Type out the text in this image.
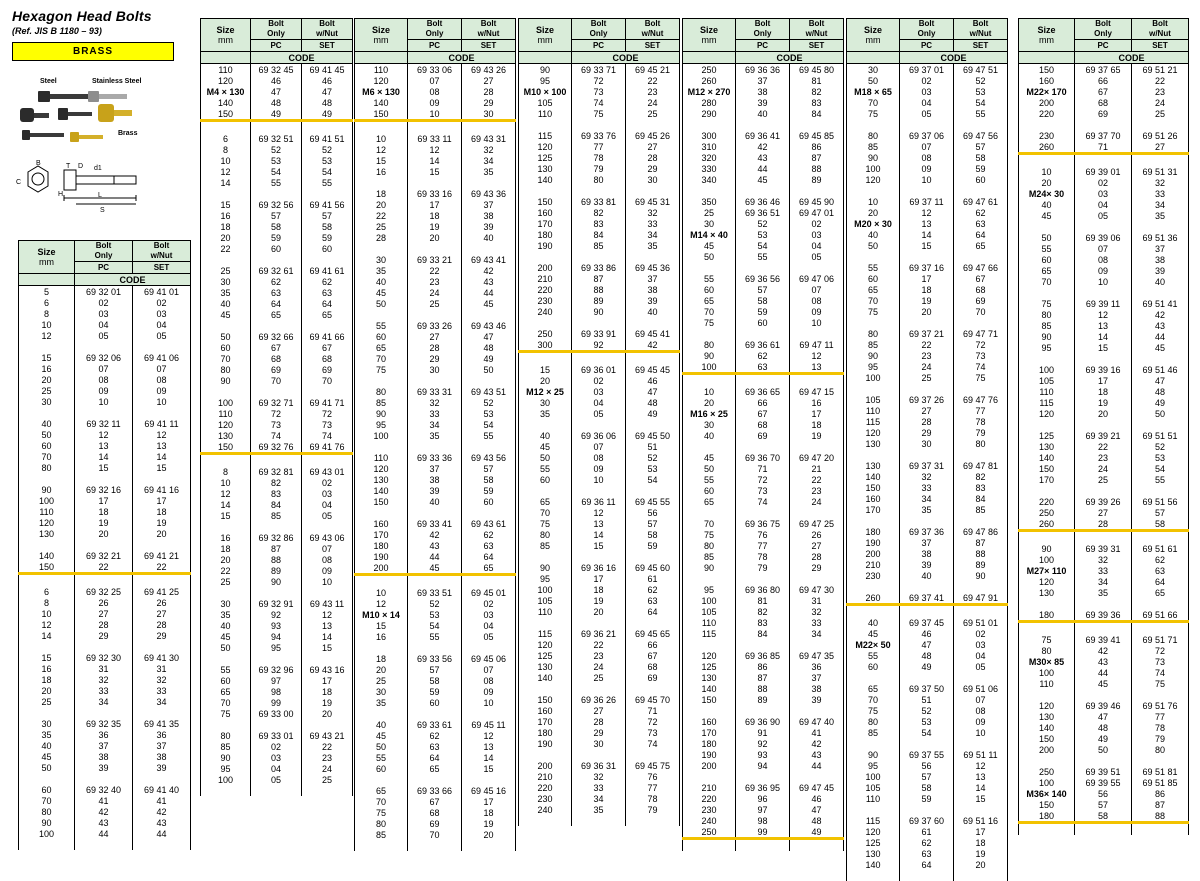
Hexagon Head Bolts
(Ref. JIS B 1180 – 93)
BRASS
Steel	Stainless Steel
Brass
C
B	T D d1
H	L
S
Size
mm	Bolt
Only	Bolt
w/Nut
	PC	SET
	CODE	
5	69 32 01	69 41 01
6	02	02
8	03	03
10	04	04
12	05	05

15	69 32 06	69 41 06
16	07	07
20	08	08
25	09	09
30	10	10

40	69 32 11	69 41 11
50	12	12
60	13	13
70	14	14
80	15	15

90	69 32 16	69 41 16
100	17	17
110	18	18
120	19	19
130	20	20

140	69 32 21	69 41 21
150	22	22

6	69 32 25	69 41 25
8	26	26
10	27	27
12	28	28
14	29	29

15	69 32 30	69 41 30
16	31	31
18	32	32
20	33	33
25	34	34

30	69 32 35	69 41 35
35	36	36
40	37	37
45	38	38
50	39	39

60	69 32 40	69 41 40
70	41	41
80	42	42
90	43	43
100	44	44

Size
mm	Bolt
Only	Bolt
w/Nut
	PC	SET
	CODE	
110	69 32 45	69 41 45
120	46	46
M4 × 130	47	47
140	48	48
150	49	49

6	69 32 51	69 41 51
8	52	52
10	53	53
12	54	54
14	55	55

15	69 32 56	69 41 56
16	57	57
18	58	58
20	59	59
22	60	60

25	69 32 61	69 41 61
30	62	62
35	63	63
40	64	64
45	65	65

50	69 32 66	69 41 66
60	67	67
70	68	68
80	69	69
90	70	70

100	69 32 71	69 41 71
110	72	72
120	73	73
130	74	74
150	69 32 76	69 41 76

8	69 32 81	69 43 01
10	82	02
12	83	03
14	84	04
15	85	05

16	69 32 86	69 43 06
18	87	07
20	88	08
22	89	09
25	90	10

30	69 32 91	69 43 11
35	92	12
40	93	13
45	94	14
50	95	15

55	69 32 96	69 43 16
60	97	17
65	98	18
70	99	19
75	69 33 00	20

80	69 33 01	69 43 21
85	02	22
90	03	23
95	04	24
100	05	25

Size
mm	Bolt
Only	Bolt
w/Nut
	PC	SET
	CODE	
110	69 33 06	69 43 26
120	07	27
M6 × 130	08	28
140	09	29
150	10	30

10	69 33 11	69 43 31
12	12	32
15	14	34
16	15	35

18	69 33 16	69 43 36
20	17	37
22	18	38
25	19	39
28	20	40

30	69 33 21	69 43 41
35	22	42
40	23	43
45	24	44
50	25	45

55	69 33 26	69 43 46
60	27	47
65	28	48
70	29	49
75	30	50

80	69 33 31	69 43 51
85	32	52
90	33	53
95	34	54
100	35	55

110	69 33 36	69 43 56
120	37	57
130	38	58
140	39	59
150	40	60

160	69 33 41	69 43 61
170	42	62
180	43	63
190	44	64
200	45	65

10	69 33 51	69 45 01
12	52	02
M10 × 14	53	03
15	54	04
16	55	05

18	69 33 56	69 45 06
20	57	07
25	58	08
30	59	09
35	60	10

40	69 33 61	69 45 11
45	62	12
50	63	13
55	64	14
60	65	15

65	69 33 66	69 45 16
70	67	17
75	68	18
80	69	19
85	70	20

Size
mm	Bolt
Only	Bolt
w/Nut
	PC	SET
	CODE	
90	69 33 71	69 45 21
95	72	22
M10 × 100	73	23
105	74	24
110	75	25

115	69 33 76	69 45 26
120	77	27
125	78	28
130	79	29
140	80	30

150	69 33 81	69 45 31
160	82	32
170	83	33
180	84	34
190	85	35

200	69 33 86	69 45 36
210	87	37
220	88	38
230	89	39
240	90	40

250	69 33 91	69 45 41
300	92	42

15	69 36 01	69 45 45
20	02	46
M12 × 25	03	47
30	04	48
35	05	49

40	69 36 06	69 45 50
45	07	51
50	08	52
55	09	53
60	10	54

65	69 36 11	69 45 55
70	12	56
75	13	57
80	14	58
85	15	59

90	69 36 16	69 45 60
95	17	61
100	18	62
105	19	63
110	20	64

115	69 36 21	69 45 65
120	22	66
125	23	67
130	24	68
140	25	69

150	69 36 26	69 45 70
160	27	71
170	28	72
180	29	73
190	30	74

200	69 36 31	69 45 75
210	32	76
220	33	77
230	34	78
240	35	79

Size
mm	Bolt
Only	Bolt
w/Nut
	PC	SET
	CODE	
250	69 36 36	69 45 80
260	37	81
M12 × 270	38	82
280	39	83
290	40	84

300	69 36 41	69 45 85
310	42	86
320	43	87
330	44	88
340	45	89

350	69 36 46	69 45 90
25	69 36 51	69 47 01
30	52	02
M14 × 40	53	03
45	54	04
50	55	05

55	69 36 56	69 47 06
60	57	07
65	58	08
70	59	09
75	60	10

80	69 36 61	69 47 11
90	62	12
100	63	13

10	69 36 65	69 47 15
20	66	16
M16 × 25	67	17
30	68	18
40	69	19

45	69 36 70	69 47 20
50	71	21
55	72	22
60	73	23
65	74	24

70	69 36 75	69 47 25
75	76	26
80	77	27
85	78	28
90	79	29

95	69 36 80	69 47 30
100	81	31
105	82	32
110	83	33
115	84	34

120	69 36 85	69 47 35
125	86	36
130	87	37
140	88	38
150	89	39

160	69 36 90	69 47 40
170	91	41
180	92	42
190	93	43
200	94	44

210	69 36 95	69 47 45
220	96	46
230	97	47
240	98	48
250	99	49

Size
mm	Bolt
Only	Bolt
w/Nut
	PC	SET
	CODE	
30	69 37 01	69 47 51
50	02	52
M18 × 65	03	53
70	04	54
75	05	55

80	69 37 06	69 47 56
85	07	57
90	08	58
100	09	59
120	10	60

10	69 37 11	69 47 61
20	12	62
M20 × 30	13	63
40	14	64
50	15	65

55	69 37 16	69 47 66
60	17	67
65	18	68
70	19	69
75	20	70

80	69 37 21	69 47 71
85	22	72
90	23	73
95	24	74
100	25	75

105	69 37 26	69 47 76
110	27	77
115	28	78
120	29	79
130	30	80

130	69 37 31	69 47 81
140	32	82
150	33	83
160	34	84
170	35	85

180	69 37 36	69 47 86
190	37	87
200	38	88
210	39	89
230	40	90

260	69 37 41	69 47 91

40	69 37 45	69 51 01
45	46	02
M22× 50	47	03
55	48	04
60	49	05

65	69 37 50	69 51 06
70	51	07
75	52	08
80	53	09
85	54	10

90	69 37 55	69 51 11
95	56	12
100	57	13
105	58	14
110	59	15

115	69 37 60	69 51 16
120	61	17
125	62	18
130	63	19
140	64	20

Size
mm	Bolt
Only	Bolt
w/Nut
	PC	SET
	CODE	
150	69 37 65	69 51 21
160	66	22
M22× 170	67	23
200	68	24
220	69	25

230	69 37 70	69 51 26
260	71	27

10	69 39 01	69 51 31
20	02	32
M24× 30	03	33
40	04	34
45	05	35

50	69 39 06	69 51 36
55	07	37
60	08	38
65	09	39
70	10	40

75	69 39 11	69 51 41
80	12	42
85	13	43
90	14	44
95	15	45

100	69 39 16	69 51 46
105	17	47
110	18	48
115	19	49
120	20	50

125	69 39 21	69 51 51
130	22	52
140	23	53
150	24	54
170	25	55

220	69 39 26	69 51 56
250	27	57
260	28	58

90	69 39 31	69 51 61
100	32	62
M27× 110	33	63
120	34	64
130	35	65

180	69 39 36	69 51 66

75	69 39 41	69 51 71
80	42	72
M30× 85	43	73
100	44	74
110	45	75

120	69 39 46	69 51 76
130	47	77
140	48	78
150	49	79
200	50	80

250	69 39 51	69 51 81
100	69 39 55	69 51 85
M36× 140	56	86
150	57	87
180	58	88
